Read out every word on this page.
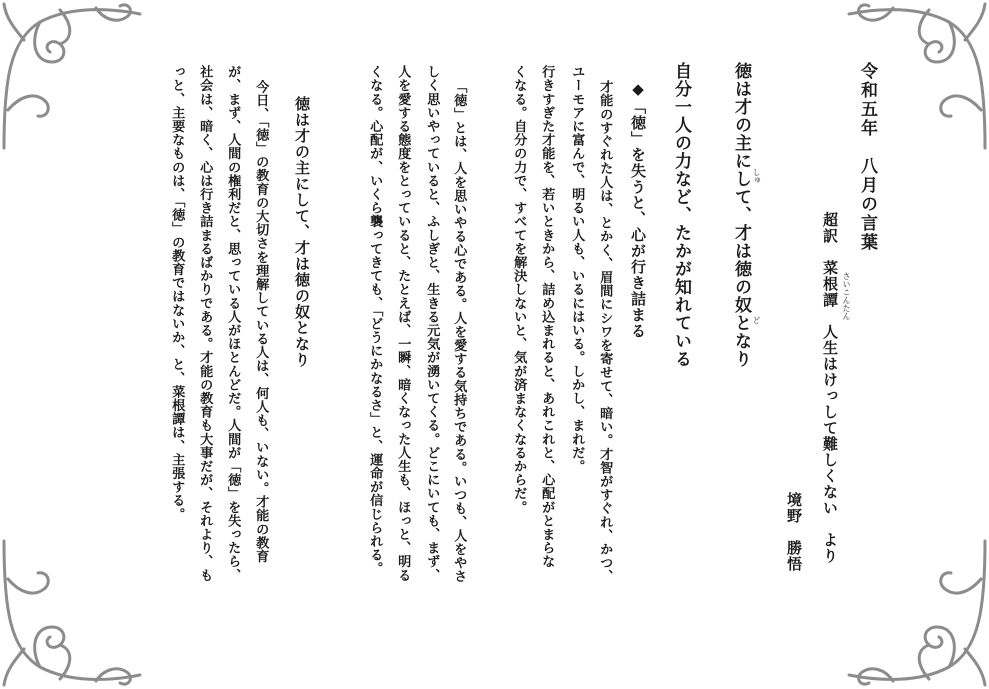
令和五年　八月の言葉
超訳　菜根譚　人生はけっして難しくない　より
境野　勝悟
徳は才の主にして、才は徳の奴となり
自分一人の力など、たかが知れている
◆「徳」を失うと、心が行き詰まる
才能のすぐれた人は、とかく、眉間にシワを寄せて、暗い。才智がすぐれ、かつ、
ユーモアに富んで、明るい人も、いるにはいる。しかし、まれだ。
行きすぎた才能を、若いときから、詰め込まれると、あれこれと、心配がとまらな
くなる。自分の力で、すべてを解決しないと、気が済まなくなるからだ。
「徳」とは、人を思いやる心である。人を愛する気持ちである。いつも、人をやさ
しく思いやっていると、ふしぎと、生きる元気が湧いてくる。どこにいても、まず、
人を愛する態度をとっていると、たとえば、一瞬、暗くなった人生も、ほっと、明る
くなる。心配が、いくら襲ってきても、「どうにかなるさ」と、運命が信じられる。
徳は才の主にして、才は徳の奴となり
今日、「徳」の教育の大切さを理解している人は、何人も、いない。才能の教育
が、まず、人間の権利だと、思っている人がほとんどだ。人間が「徳」を失ったら、
社会は、暗く、心は行き詰まるばかりである。才能の教育も大事だが、それより、も
っと、主要なものは、「徳」の教育ではないか、と、菜根譚は、主張する。	しゅ
ど	さいこんたん
